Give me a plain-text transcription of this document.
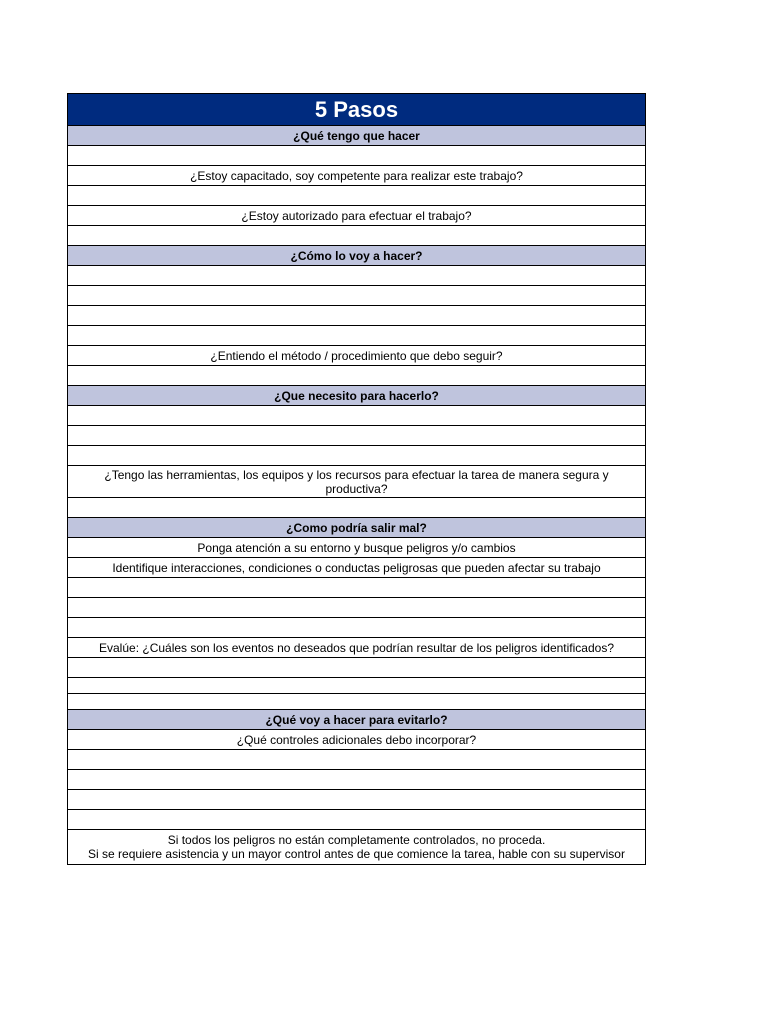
5 Pasos
¿Qué tengo que hacer
¿Estoy capacitado, soy competente para realizar este trabajo?
¿Estoy autorizado para efectuar el trabajo?
¿Cómo lo voy a hacer?
¿Entiendo el método / procedimiento que debo seguir?
¿Que necesito para hacerlo?
¿Tengo las herramientas, los equipos y los recursos para efectuar la tarea de manera segura y productiva?
¿Como podría salir mal?
Ponga atención a su entorno y busque peligros y/o cambios
Identifique interacciones, condiciones o conductas peligrosas que pueden afectar su trabajo
Evalúe: ¿Cuáles son los eventos no deseados que podrían resultar de los peligros identificados?
¿Qué voy a hacer para evitarlo?
¿Qué controles adicionales debo incorporar?
Si todos los peligros no están completamente controlados, no proceda.
Si se requiere asistencia y un mayor control antes de que comience la tarea, hable con su supervisor
